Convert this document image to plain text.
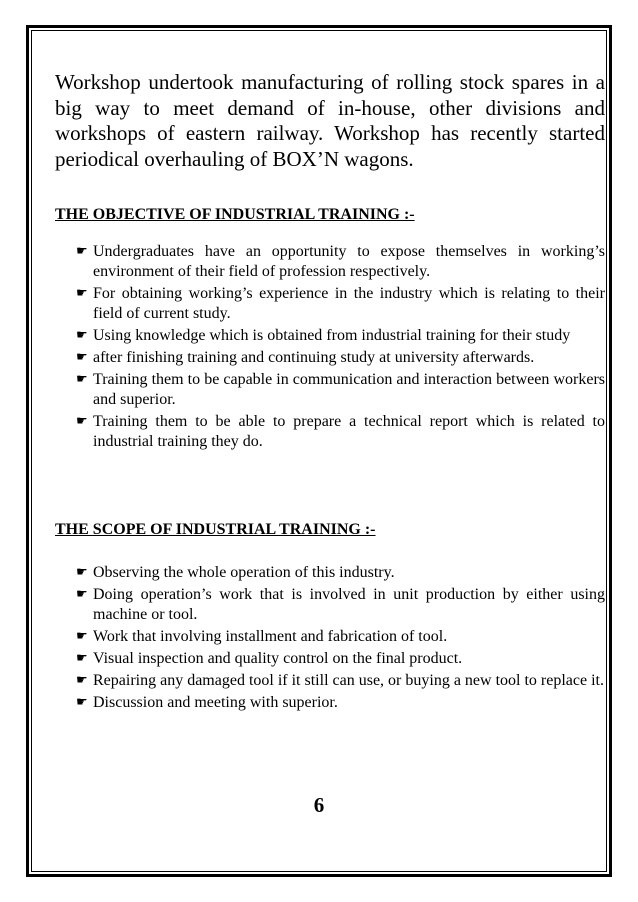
Workshop undertook manufacturing of rolling stock spares in a big way to meet demand of in-house, other divisions and workshops of eastern railway. Workshop has recently started periodical overhauling of BOX’N wagons.

THE OBJECTIVE OF INDUSTRIAL TRAINING :-

☛ Undergraduates have an opportunity to expose themselves in working’s environment of their field of profession respectively.
☛ For obtaining working’s experience in the industry which is relating to their field of current study.
☛ Using knowledge which is obtained from industrial training for their study
☛ after finishing training and continuing study at university afterwards.
☛ Training them to be capable in communication and interaction between workers and superior.
☛ Training them to be able to prepare a technical report which is related to industrial training they do.

THE SCOPE OF INDUSTRIAL TRAINING :-

☛ Observing the whole operation of this industry.
☛ Doing operation’s work that is involved in unit production by either using machine or tool.
☛ Work that involving installment and fabrication of tool.
☛ Visual inspection and quality control on the final product.
☛ Repairing any damaged tool if it still can use, or buying a new tool to replace it.
☛ Discussion and meeting with superior.
6
